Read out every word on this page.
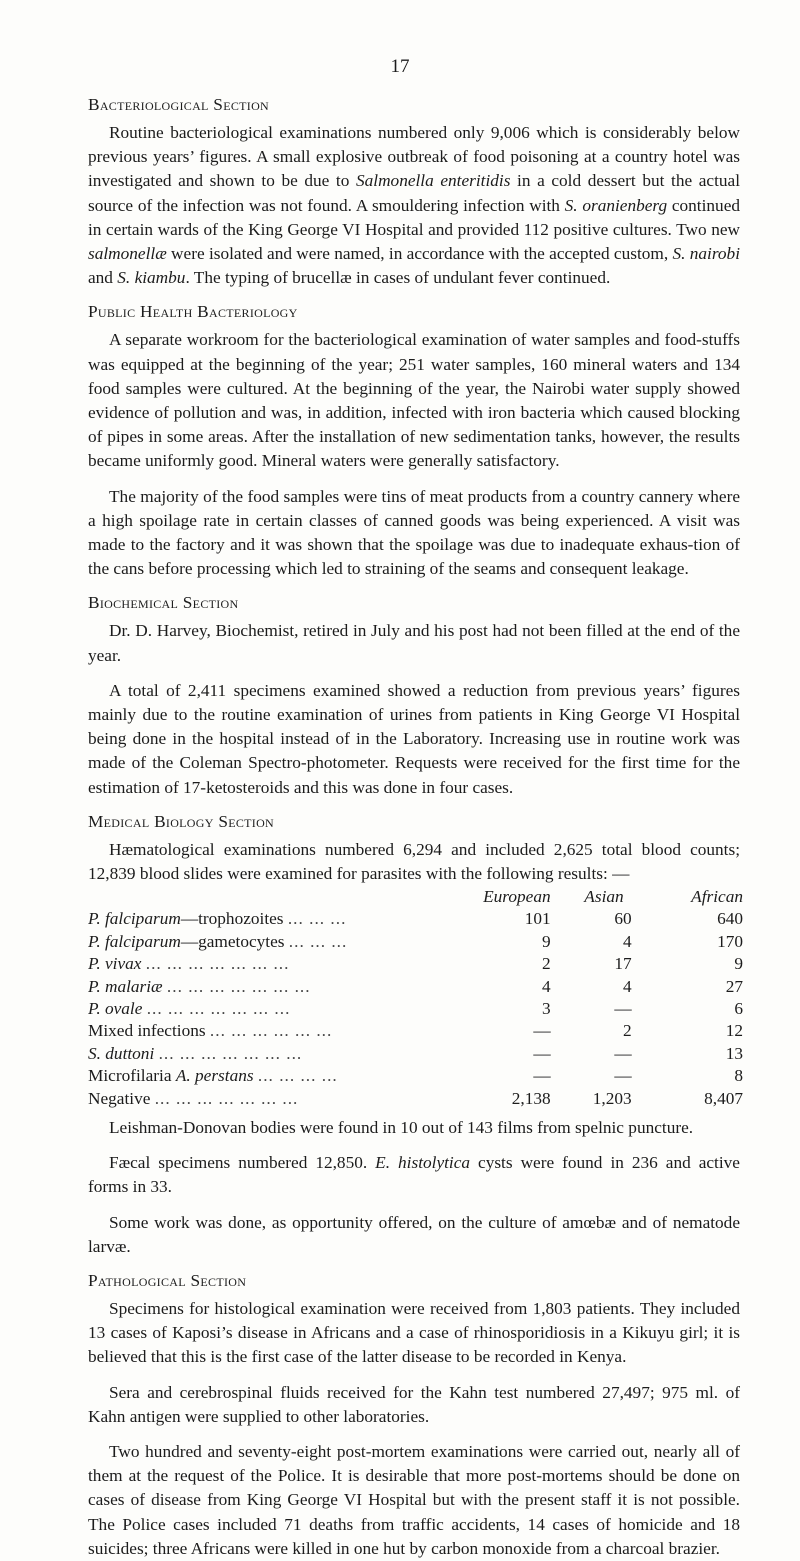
17
Bacteriological Section

Routine bacteriological examinations numbered only 9,006 which is considerably below previous years’ figures. A small explosive outbreak of food poisoning at a country hotel was investigated and shown to be due to Salmonella enteritidis in a cold dessert but the actual source of the infection was not found. A smouldering infection with S. oranienberg continued in certain wards of the King George VI Hospital and provided 112 positive cultures. Two new salmonellæ were isolated and were named, in accordance with the accepted custom, S. nairobi and S. kiambu. The typing of brucellæ in cases of undulant fever continued.

Public Health Bacteriology

A separate workroom for the bacteriological examination of water samples and food-stuffs was equipped at the beginning of the year; 251 water samples, 160 mineral waters and 134 food samples were cultured. At the beginning of the year, the Nairobi water supply showed evidence of pollution and was, in addition, infected with iron bacteria which caused blocking of pipes in some areas. After the installation of new sedimentation tanks, however, the results became uniformly good. Mineral waters were generally satisfactory.

The majority of the food samples were tins of meat products from a country cannery where a high spoilage rate in certain classes of canned goods was being experienced. A visit was made to the factory and it was shown that the spoilage was due to inadequate exhaus-tion of the cans before processing which led to straining of the seams and consequent leakage.

Biochemical Section

Dr. D. Harvey, Biochemist, retired in July and his post had not been filled at the end of the year.

A total of 2,411 specimens examined showed a reduction from previous years’ figures mainly due to the routine examination of urines from patients in King George VI Hospital being done in the hospital instead of in the Laboratory. Increasing use in routine work was made of the Coleman Spectro-photometer. Requests were received for the first time for the estimation of 17-ketosteroids and this was done in four cases.

Medical Biology Section

Hæmatological examinations numbered 6,294 and included 2,625 total blood counts; 12,839 blood slides were examined for parasites with the following results: —

	European		Asian	African
P. falciparum—trophozoites ... ... ...		101	60	640
P. falciparum—gametocytes ... ... ...		9	4	170
P. vivax ... ... ... ... ... ... ...		2	17	9
P. malariæ ... ... ... ... ... ... ...		4	4	27
P. ovale ... ... ... ... ... ... ...		3	—	6
Mixed infections ... ... ... ... ... ...		—	2	12
S. duttoni ... ... ... ... ... ... ...		—	—	13
Microfilaria A. perstans ... ... ... ...		—	—	8
Negative ... ... ... ... ... ... ...		2,138	1,203	8,407

Leishman-Donovan bodies were found in 10 out of 143 films from spelnic puncture.

Fæcal specimens numbered 12,850. E. histolytica cysts were found in 236 and active forms in 33.

Some work was done, as opportunity offered, on the culture of amœbæ and of nematode larvæ.

Pathological Section

Specimens for histological examination were received from 1,803 patients. They included 13 cases of Kaposi’s disease in Africans and a case of rhinosporidiosis in a Kikuyu girl; it is believed that this is the first case of the latter disease to be recorded in Kenya.

Sera and cerebrospinal fluids received for the Kahn test numbered 27,497; 975 ml. of Kahn antigen were supplied to other laboratories.

Two hundred and seventy-eight post-mortem examinations were carried out, nearly all of them at the request of the Police. It is desirable that more post-mortems should be done on cases of disease from King George VI Hospital but with the present staff it is not possible. The Police cases included 71 deaths from traffic accidents, 14 cases of homicide and 18 suicides; three Africans were killed in one hut by carbon monoxide from a charcoal brazier.
